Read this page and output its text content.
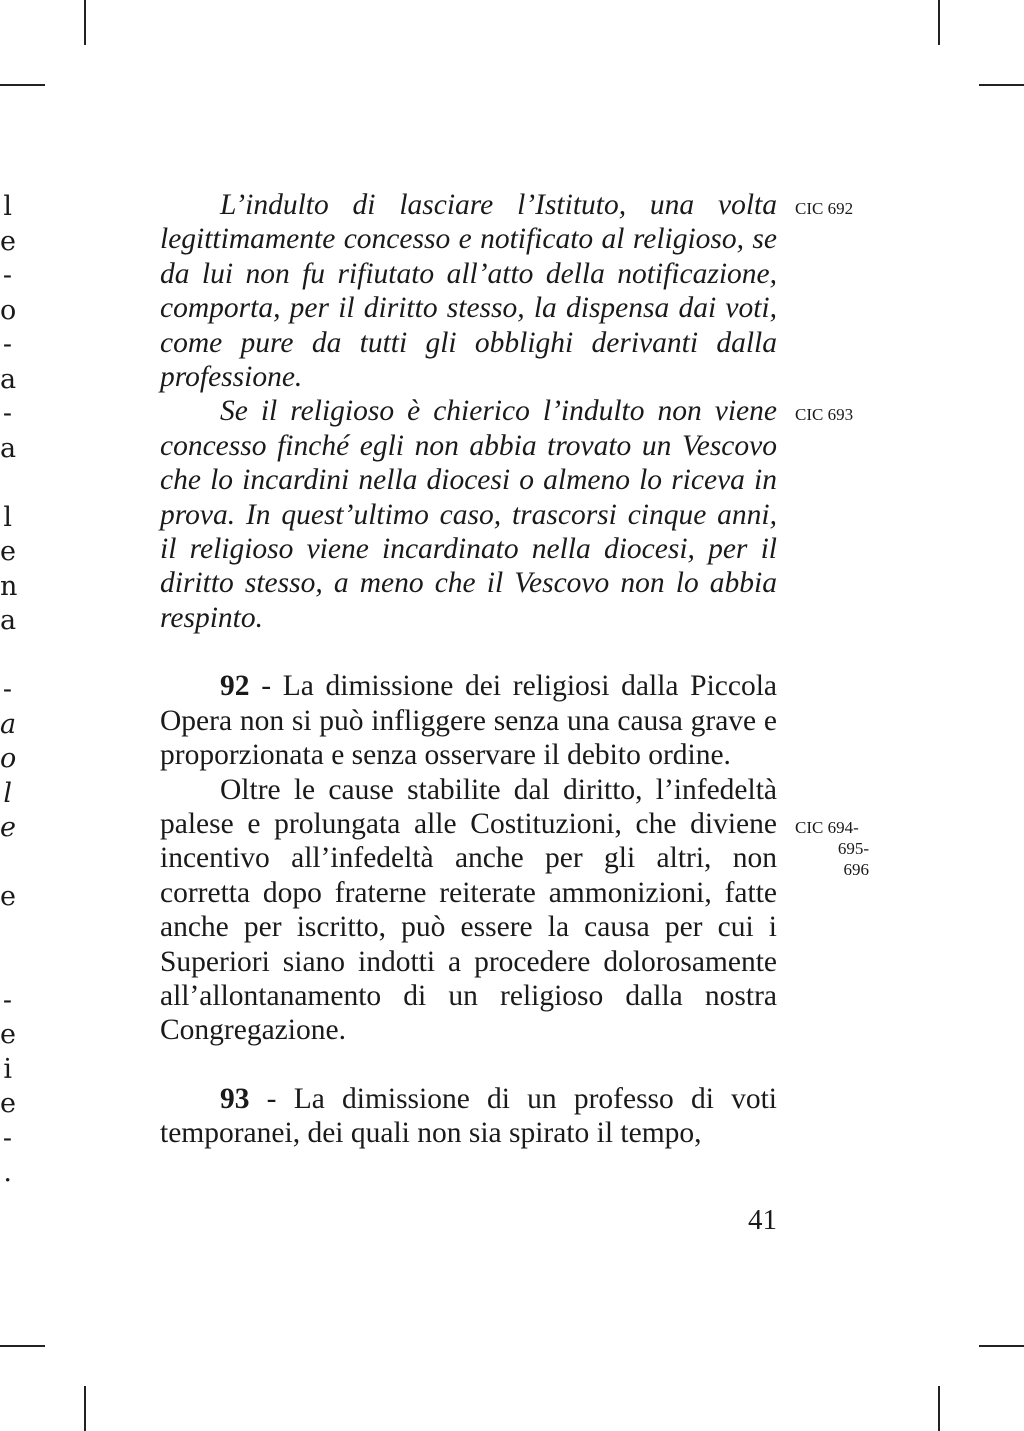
l
e
-
o
-
a
-
a
l
e
n
a
-
a
o
l
e
e
-
e
i
e
-
.

L’indulto di lasciare l’Istituto, una volta legittimamente concesso e notificato al religioso, se da lui non fu rifiutato all’atto della notificazione, comporta, per il diritto stesso, la dispensa dai voti, come pure da tutti gli obblighi derivanti dalla professione.

Se il religioso è chierico l’indulto non viene concesso finché egli non abbia trovato un Vescovo che lo incardini nella diocesi o almeno lo riceva in prova. In quest’ultimo caso, trascorsi cinque anni, il religioso viene incardinato nella diocesi, per il diritto stesso, a meno che il Vescovo non lo abbia respinto.

92 - La dimissione dei religiosi dalla Piccola Opera non si può infliggere senza una causa grave e proporzionata e senza osservare il debito ordine.

Oltre le cause stabilite dal diritto, l’infedeltà palese e prolungata alle Costituzioni, che diviene incentivo all’infedeltà anche per gli altri, non corretta dopo fraterne reiterate ammonizioni, fatte anche per iscritto, può essere la causa per cui i Superiori siano indotti a procedere dolorosamente all’allontanamento di un religioso dalla nostra Congregazione.

93 - La dimissione di un professo di voti temporanei, dei quali non sia spirato il tempo,

CIC 692
CIC 693
CIC 694-
695-
696
41
